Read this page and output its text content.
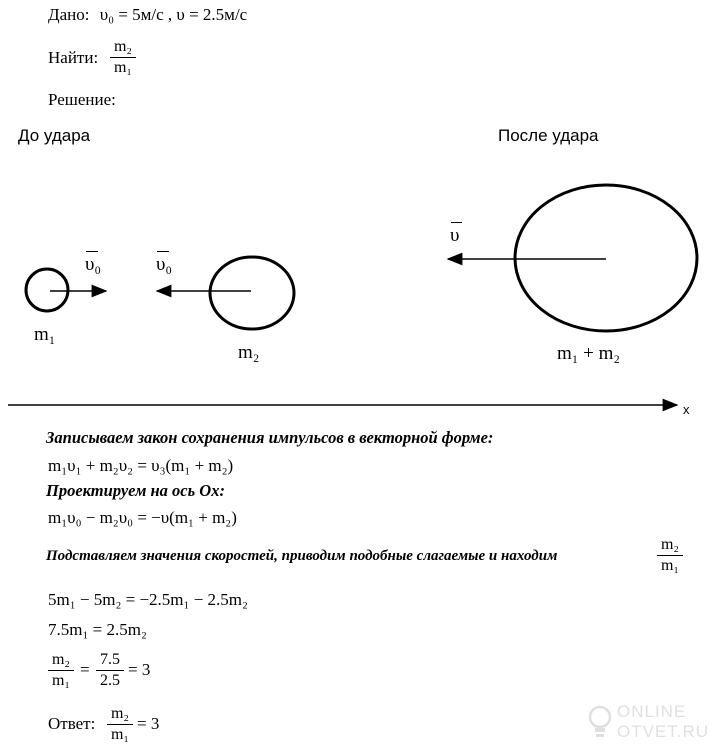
Дано: υ₀ = 5м/с , υ = 2.5м/с
Найти:
m₂
m₁
Решение:
До удара	После удара
υ₀	υ₀
υ
m₁
m₂	m₁ + m₂
x
Записываем закон сохранения импульсов в векторной форме:
m₁υ₁ + m₂υ₂ = υ₃(m₁ + m₂)
Проектируем на ось Ox:
m₁υ₀ − m₂υ₀ = −υ(m₁ + m₂)
Подставляем значения скоростей, приводим подобные слагаемые и находим
m₂
m₁
5m₁ − 5m₂ = −2.5m₁ − 2.5m₂
7.5m₁ = 2.5m₂
m₂
m₁
=
7.5
2.5
= 3
Ответ:
m₂
m₁
= 3
ONLINE
OTVET.RU
